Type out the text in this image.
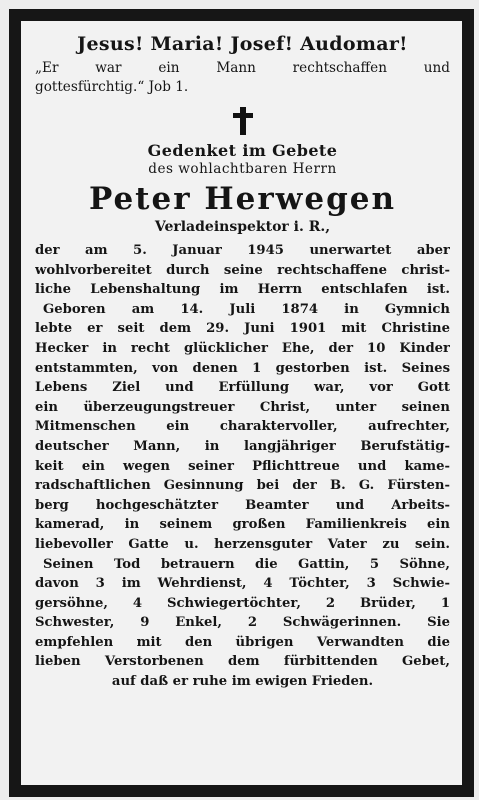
Jesus! Maria! Josef! Audomar!
„Er war ein Mann rechtschaffen und
gottesfürchtig.“ Job 1.
Gedenket im Gebete
des wohlachtbaren Herrn
Peter Herwegen
Verladeinspektor i. R.,
der am 5. Januar 1945 unerwartet aber
wohlvorbereitet durch seine rechtschaffene christ-
liche Lebenshaltung im Herrn entschlafen ist.
Geboren am 14. Juli 1874 in Gymnich
lebte er seit dem 29. Juni 1901 mit Christine
Hecker in recht glücklicher Ehe, der 10 Kinder
entstammten, von denen 1 gestorben ist. Seines
Lebens Ziel und Erfüllung war, vor Gott
ein überzeugungstreuer Christ, unter seinen
Mitmenschen ein charaktervoller, aufrechter,
deutscher Mann, in langjähriger Berufstätig-
keit ein wegen seiner Pflichttreue und kame-
radschaftlichen Gesinnung bei der B. G. Fürsten-
berg hochgeschätzter Beamter und Arbeits-
kamerad, in seinem großen Familienkreis ein
liebevoller Gatte u. herzensguter Vater zu sein.
Seinen Tod betrauern die Gattin, 5 Söhne,
davon 3 im Wehrdienst, 4 Töchter, 3 Schwie-
gersöhne, 4 Schwiegertöchter, 2 Brüder, 1
Schwester, 9 Enkel, 2 Schwägerinnen. Sie
empfehlen mit den übrigen Verwandten die
lieben Verstorbenen dem fürbittenden Gebet,
auf daß er ruhe im ewigen Frieden.
